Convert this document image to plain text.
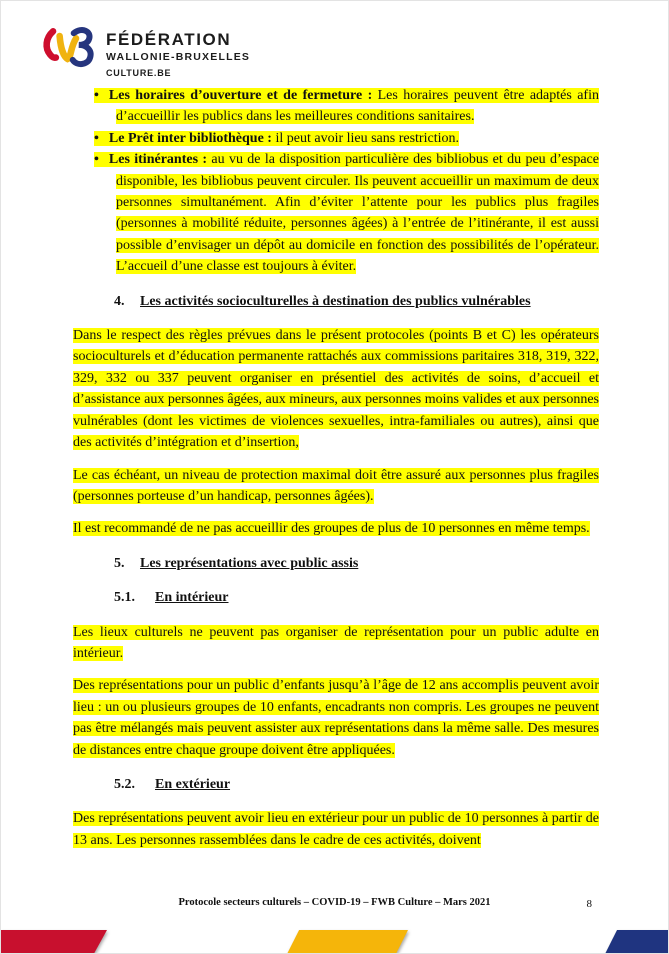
FÉDÉRATION
WALLONIE-BRUXELLES
CULTURE.BE
• Les horaires d’ouverture et de fermeture : Les horaires peuvent être adaptés afin d’accueillir les publics dans les meilleures conditions sanitaires.
• Le Prêt inter bibliothèque : il peut avoir lieu sans restriction.
• Les itinérantes : au vu de la disposition particulière des bibliobus et du peu d’espace disponible, les bibliobus peuvent circuler. Ils peuvent accueillir un maximum de deux personnes simultanément. Afin d’éviter l’attente pour les publics plus fragiles (personnes à mobilité réduite, personnes âgées) à l’entrée de l’itinérante, il est aussi possible d’envisager un dépôt au domicile en fonction des possibilités de l’opérateur. L’accueil d’une classe est toujours à éviter.
4. Les activités socioculturelles à destination des publics vulnérables

Dans le respect des règles prévues dans le présent protocoles (points B et C) les opérateurs socioculturels et d’éducation permanente rattachés aux commissions paritaires 318, 319, 322, 329, 332 ou 337 peuvent organiser en présentiel des activités de soins, d’accueil et d’assistance aux personnes âgées, aux mineurs, aux personnes moins valides et aux personnes vulnérables (dont les victimes de violences sexuelles, intra-familiales ou autres), ainsi que des activités d’intégration et d’insertion,

Le cas échéant, un niveau de protection maximal doit être assuré aux personnes plus fragiles (personnes porteuse d’un handicap, personnes âgées).

Il est recommandé de ne pas accueillir des groupes de plus de 10 personnes en même temps.

5. Les représentations avec public assis
5.1. En intérieur

Les lieux culturels ne peuvent pas organiser de représentation pour un public adulte en intérieur.

Des représentations pour un public d’enfants jusqu’à l’âge de 12 ans accomplis peuvent avoir lieu : un ou plusieurs groupes de 10 enfants, encadrants non compris. Les groupes ne peuvent pas être mélangés mais peuvent assister aux représentations dans la même salle. Des mesures de distances entre chaque groupe doivent être appliquées.

5.2. En extérieur

Des représentations peuvent avoir lieu en extérieur pour un public de 10 personnes à partir de 13 ans. Les personnes rassemblées dans le cadre de ces activités, doivent

Protocole secteurs culturels – COVID-19 – FWB Culture – Mars 2021	8
